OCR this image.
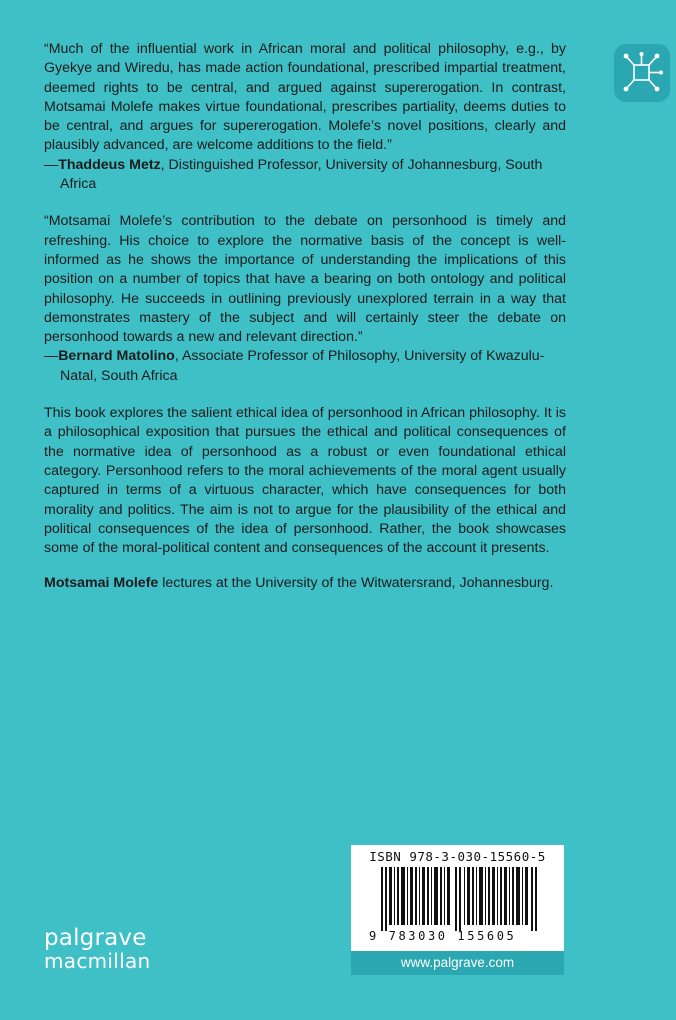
“Much of the influential work in African moral and political philosophy, e.g., by Gyekye and Wiredu, has made action foundational, prescribed impartial treatment, deemed rights to be central, and argued against supererogation. In contrast, Motsamai Molefe makes virtue foundational, prescribes partiality, deems duties to be central, and argues for supererogation. Molefe’s novel positions, clearly and plausibly advanced, are welcome additions to the field.”

—Thaddeus Metz, Distinguished Professor, University of Johannesburg, South Africa

“Motsamai Molefe’s contribution to the debate on personhood is timely and refreshing. His choice to explore the normative basis of the concept is well-informed as he shows the importance of understanding the implications of this position on a number of topics that have a bearing on both ontology and political philosophy. He succeeds in outlining previously unexplored terrain in a way that demonstrates mastery of the subject and will certainly steer the debate on personhood towards a new and relevant direction.”

—Bernard Matolino, Associate Professor of Philosophy, University of Kwazulu-Natal, South Africa

This book explores the salient ethical idea of personhood in African philosophy. It is a philosophical exposition that pursues the ethical and political consequences of the normative idea of personhood as a robust or even foundational ethical category. Personhood refers to the moral achievements of the moral agent usually captured in terms of a virtuous character, which have consequences for both morality and politics. The aim is not to argue for the plausibility of the ethical and political consequences of the idea of personhood. Rather, the book showcases some of the moral-political content and consequences of the account it presents.

Motsamai Molefe lectures at the University of the Witwatersrand, Johannesburg.

ISBN 978-3-030-15560-5
9 783030 155605
www.palgrave.com
palgrave
macmillan
